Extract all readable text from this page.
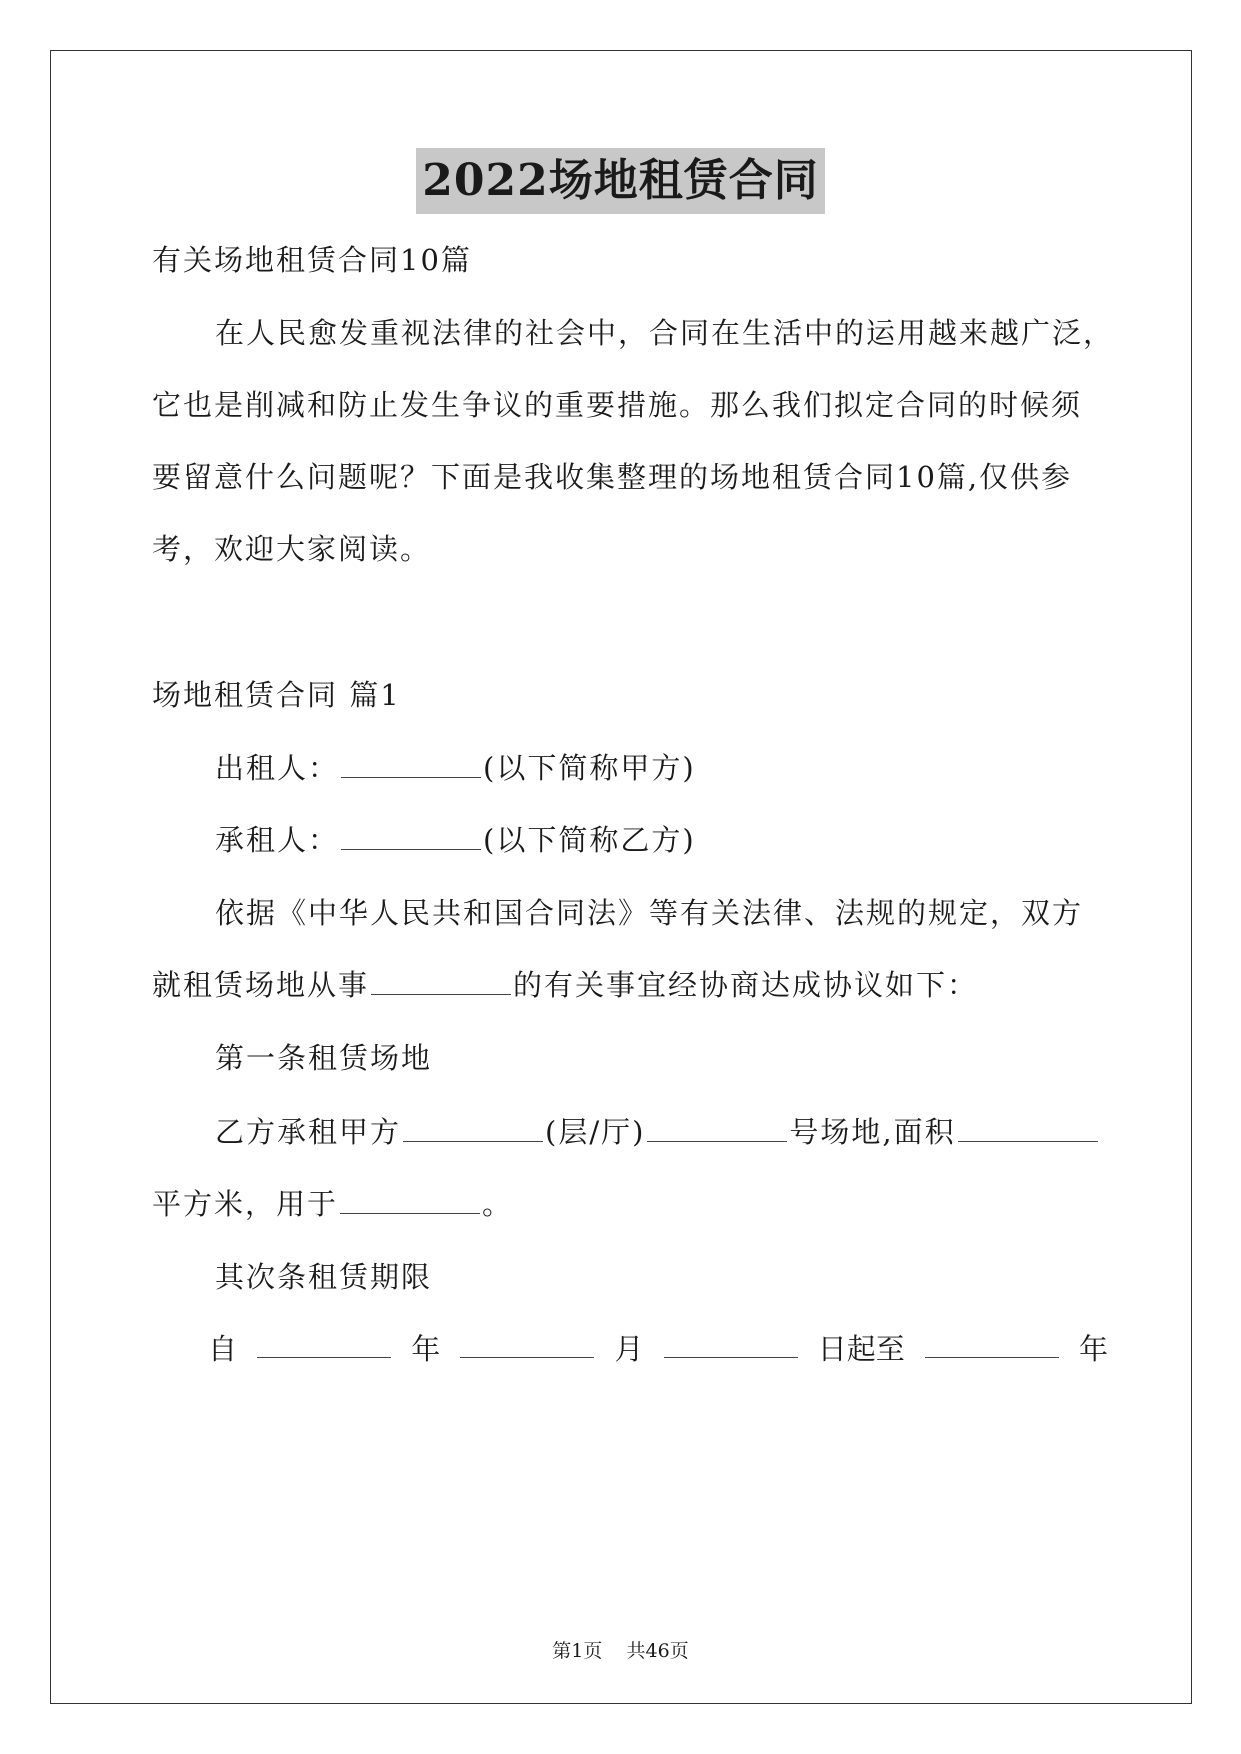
2022场地租赁合同
有关场地租赁合同10篇
在人民愈发重视法律的社会中，合同在生活中的运用越来越广泛，
它也是削减和防止发生争议的重要措施。那么我们拟定合同的时候须
要留意什么问题呢？下面是我收集整理的场地租赁合同10篇,仅供参
考，欢迎大家阅读。
场地租赁合同 篇1
出租人：	(以下简称甲方)
承租人：	(以下简称乙方)
依据《中华人民共和国合同法》等有关法律、法规的规定，双方
就租赁场地从事	的有关事宜经协商达成协议如下：
第一条租赁场地
乙方承租甲方	(层/厅)	号场地,面积
平方米，用于	。
其次条租赁期限
自	年	月	日起至	年
第1页 共46页
